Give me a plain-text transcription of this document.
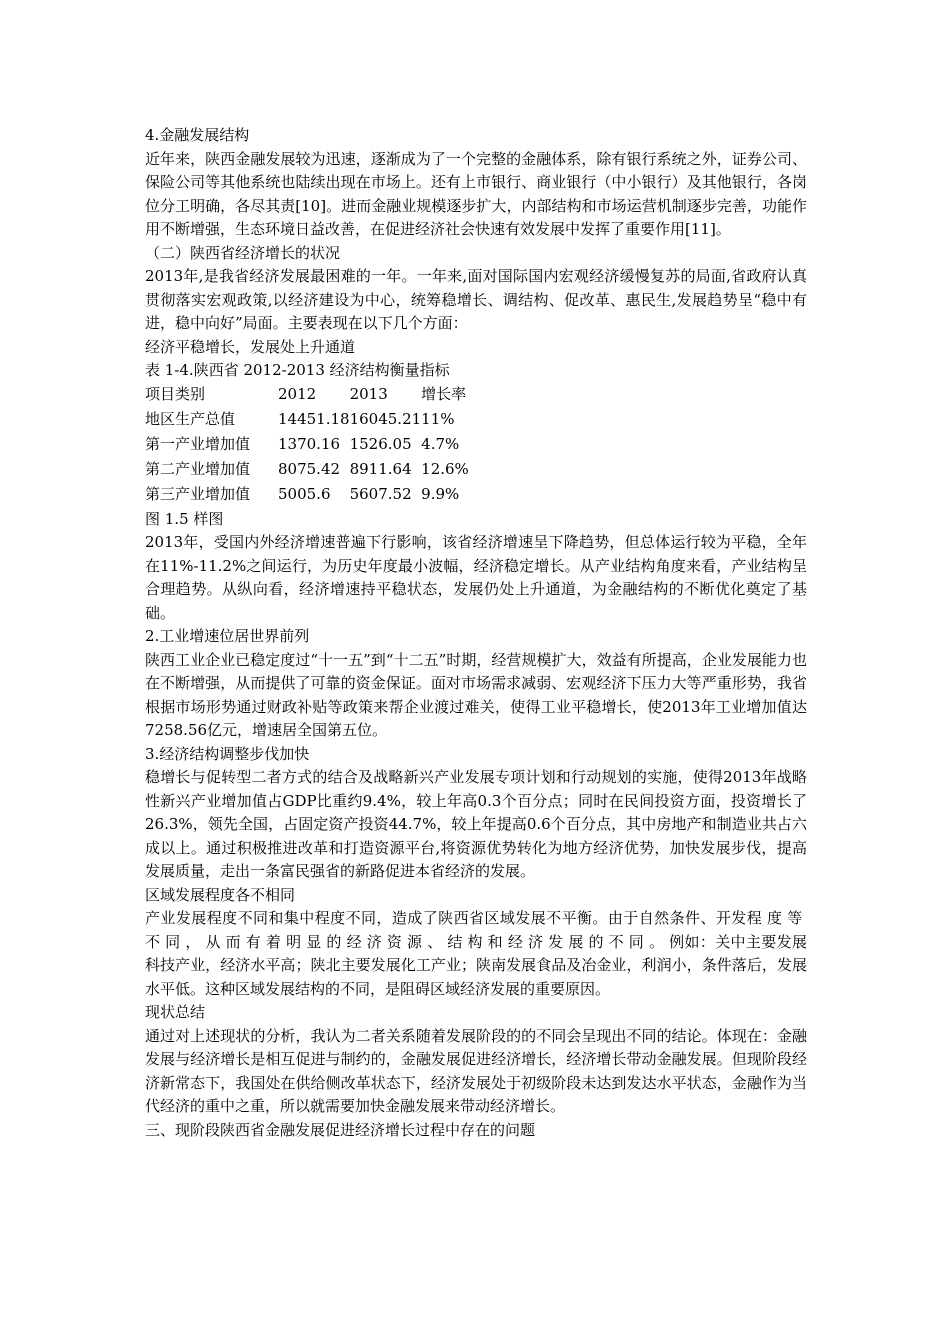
4.金融发展结构

近年来，陕西金融发展较为迅速，逐渐成为了一个完整的金融体系，除有银行系统之外，证券公司、保险公司等其他系统也陆续出现在市场上。还有上市银行、商业银行（中小银行）及其他银行，各岗位分工明确，各尽其责[10]。进而金融业规模逐步扩大，内部结构和市场运营机制逐步完善，功能作用不断增强，生态环境日益改善，在促进经济社会快速有效发展中发挥了重要作用[11]。

（二）陕西省经济增长的状况

2013年,是我省经济发展最困难的一年。一年来,面对国际国内宏观经济缓慢复苏的局面,省政府认真贯彻落实宏观政策,以经济建设为中心，统筹稳增长、调结构、促改革、惠民生,发展趋势呈“稳中有进，稳中向好”局面。主要表现在以下几个方面：

经济平稳增长，发展处上升通道

表 1-4.陕西省 2012-2013 经济结构衡量指标

项目类别	2012	2013	增长率
地区生产总值	14451.18	16045.21	11%
第一产业增加值	1370.16	1526.05	4.7%
第二产业增加值	8075.42	8911.64	12.6%
第三产业增加值	5005.6	5607.52	9.9%

图 1.5 样图

2013年，受国内外经济增速普遍下行影响，该省经济增速呈下降趋势，但总体运行较为平稳，全年在11%-11.2%之间运行，为历史年度最小波幅，经济稳定增长。从产业结构角度来看，产业结构呈合理趋势。从纵向看，经济增速持平稳状态，发展仍处上升通道，为金融结构的不断优化奠定了基础。

2.工业增速位居世界前列

陕西工业企业已稳定度过“十一五”到“十二五”时期，经营规模扩大，效益有所提高，企业发展能力也在不断增强，从而提供了可靠的资金保证。面对市场需求减弱、宏观经济下压力大等严重形势，我省根据市场形势通过财政补贴等政策来帮企业渡过难关，使得工业平稳增长，使2013年工业增加值达7258.56亿元，增速居全国第五位。

3.经济结构调整步伐加快

稳增长与促转型二者方式的结合及战略新兴产业发展专项计划和行动规划的实施，使得2013年战略性新兴产业增加值占GDP比重约9.4%，较上年高0.3个百分点；同时在民间投资方面，投资增长了26.3%，领先全国，占固定资产投资44.7%，较上年提高0.6个百分点，其中房地产和制造业共占六成以上。通过积极推进改革和打造资源平台,将资源优势转化为地方经济优势，加快发展步伐，提高发展质量，走出一条富民强省的新路促进本省经济的发展。

区域发展程度各不相同

产业发展程度不同和集中程度不同，造成了陕西省区域发展不平衡。由于自然条件、开发程度等不同，从而有着明显的经济资源、结构和经济发展的不同。例如：关中主要发展科技产业，经济水平高；陕北主要发展化工产业；陕南发展食品及冶金业，利润小，条件落后，发展水平低。这种区域发展结构的不同，是阻碍区域经济发展的重要原因。

现状总结

通过对上述现状的分析，我认为二者关系随着发展阶段的的不同会呈现出不同的结论。体现在：金融发展与经济增长是相互促进与制约的，金融发展促进经济增长，经济增长带动金融发展。但现阶段经济新常态下，我国处在供给侧改革状态下，经济发展处于初级阶段未达到发达水平状态，金融作为当代经济的重中之重，所以就需要加快金融发展来带动经济增长。

三、现阶段陕西省金融发展促进经济增长过程中存在的问题
